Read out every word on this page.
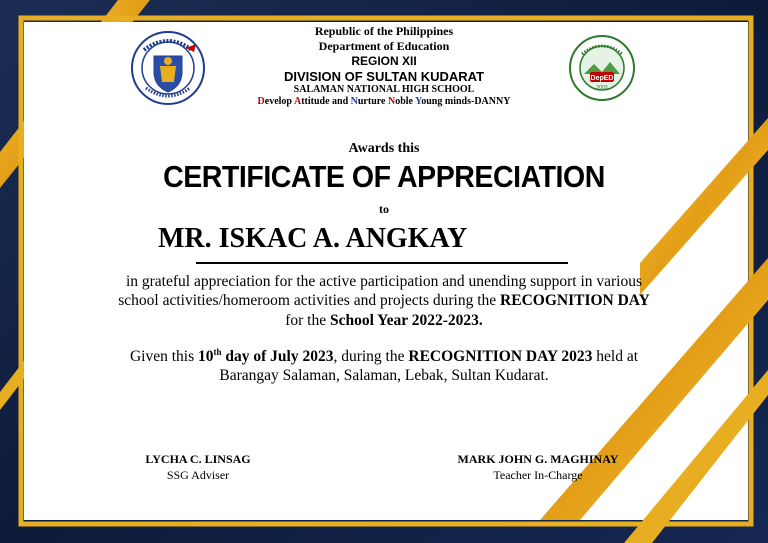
DepED
2003
Republic of the Philippines
Department of Education
REGION XII
DIVISION OF SULTAN KUDARAT
SALAMAN NATIONAL HIGH SCHOOL
Develop Attitude and Nurture Noble Young minds-DANNY
Awards this
CERTIFICATE OF APPRECIATION
to
MR. ISKAC A. ANGKAY
in grateful appreciation for the active participation and unending support in various
school activities/homeroom activities and projects during the RECOGNITION DAY
for the School Year 2022-2023.
Given this 10th day of July 2023, during the RECOGNITION DAY 2023 held at
Barangay Salaman, Salaman, Lebak, Sultan Kudarat.
LYCHA C. LINSAG
SSG Adviser
MARK JOHN G. MAGHINAY
Teacher In-Charge
